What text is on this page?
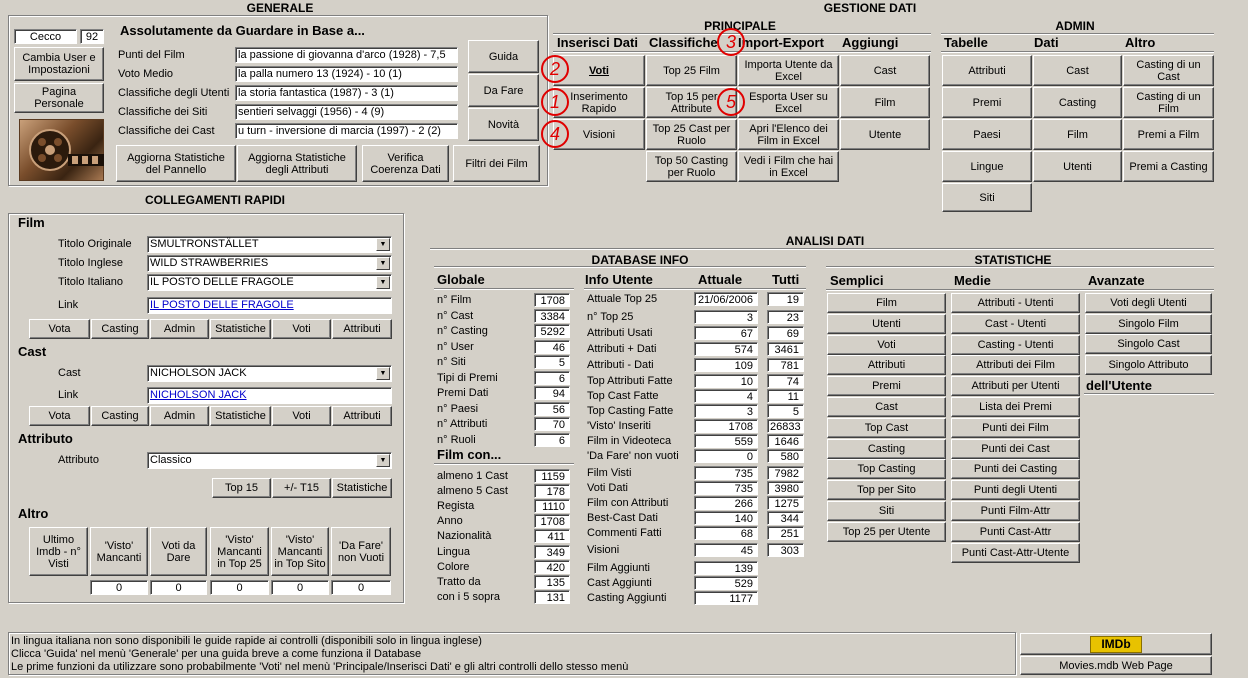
GENERALE
Cecco	92
Cambia User e Impostazioni
Pagina Personale
Assolutamente da Guardare in Base a...
Punti del Film	la passione di giovanna d'arco (1928) - 7,5
Voto Medio	la palla numero 13 (1924) - 10 (1)
Classifiche degli Utenti la storia fantastica (1987) - 3 (1)
Classifiche dei Siti	sentieri selvaggi (1956) - 4 (9)
Classifiche dei Cast u turn - inversione di marcia (1997) - 2 (2)
Guida
Da Fare
Novità
Aggiorna Statistiche del Pannello
Aggiorna Statistiche degli Attributi
Verifica Coerenza Dati	Filtri dei Film
GESTIONE DATI
PRINCIPALE
Inserisci Dati Classifiche Import-Export Aggiungi
Voti
Inserimento Rapido
Visioni
Top 25 Film
Top 15 per Attribute
Top 25 Cast per Ruolo
Top 50 Casting per Ruolo
Importa Utente da Excel
Esporta User su Excel
Apri l'Elenco dei Film in Excel
Vedi i Film che hai in Excel
Cast
Film
Utente
2
1
4
3
5
ADMIN
Tabelle	Dati	Altro
Attributi
Premi
Paesi
Lingue
Siti
Cast
Casting
Film
Utenti
Casting di un Cast
Casting di un Film
Premi a Film
Premi a Casting
COLLEGAMENTI RAPIDI
Film
Titolo Originale SMULTRONSTÄLLET	▼
Titolo Inglese WILD STRAWBERRIES	▼
Titolo Italiano IL POSTO DELLE FRAGOLE	▼
Link	IL POSTO DELLE FRAGOLE
Vota	Casting	Admin	Statistiche	Voti	Attributi
Cast
Cast	NICHOLSON JACK	▼
Link	NICHOLSON JACK
Vota	Casting	Admin	Statistiche	Voti	Attributi
Attributo
Attributo	Classico	▼
Top 15	+/- T15	Statistiche
Altro
Ultimo Imdb - n° Visti
'Visto' Mancanti
Voti da Dare
'Visto' Mancanti in Top 25
'Visto' Mancanti in Top Sito
'Da Fare' non Vuoti
0	0	0	0	0
ANALISI DATI
DATABASE INFO
Globale
Film con...
Info Utente	Attuale Tutti
STATISTICHE
Semplici	Medie	Avanzate
dell'Utente
In lingua italiana non sono disponibili le guide rapide ai controlli (disponibili solo in lingua inglese)
Clicca 'Guida' nel menù 'Generale' per una guida breve a come funziona il Database
Le prime funzioni da utilizzare sono probabilmente 'Voti' nel menù 'Principale/Inserisci Dati' e gli altri controlli dello stesso menù
IMDb
Movies.mdb Web Page
n° Film	1708
n° Cast	3384
n° Casting	5292
n° User	46
n° Siti	5
Tipi di Premi	6
Premi Dati	94
n° Paesi	56
n° Attributi	70
n° Ruoli	6
almeno 1 Cast	1159
almeno 5 Cast	178
Regista	1110
Anno	1708
Nazionalità	411
Lingua	349
Colore	420
Tratto da	135
con i 5 sopra	131
Attuale Top 25	21/06/2006	19
n° Top 25	3	23
Attributi Usati	67	69
Attributi + Dati	574	3461
Attributi - Dati	109	781
Top Attributi Fatte	10	74
Top Cast Fatte	4	11
Top Casting Fatte	3	5
'Visto' Inseriti	1708	26833
Film in Videoteca	559	1646
'Da Fare' non vuoti	0	580
Film Visti	735	7982
Voti Dati	735	3980
Film con Attributi	266	1275
Best-Cast Dati	140	344
Commenti Fatti	68	251
Visioni	45	303
Film Aggiunti	139
Cast Aggiunti	529
Casting Aggiunti	1177
Film
Utenti
Voti
Attributi
Premi
Cast
Top Cast
Casting
Top Casting
Top per Sito
Siti
Top 25 per Utente
Attributi - Utenti
Cast - Utenti
Casting - Utenti
Attributi dei Film
Attributi per Utenti
Lista dei Premi
Punti dei Film
Punti dei Cast
Punti dei Casting
Punti degli Utenti
Punti Film-Attr
Punti Cast-Attr
Punti Cast-Attr-Utente
Voti degli Utenti
Singolo Film
Singolo Cast
Singolo Attributo
